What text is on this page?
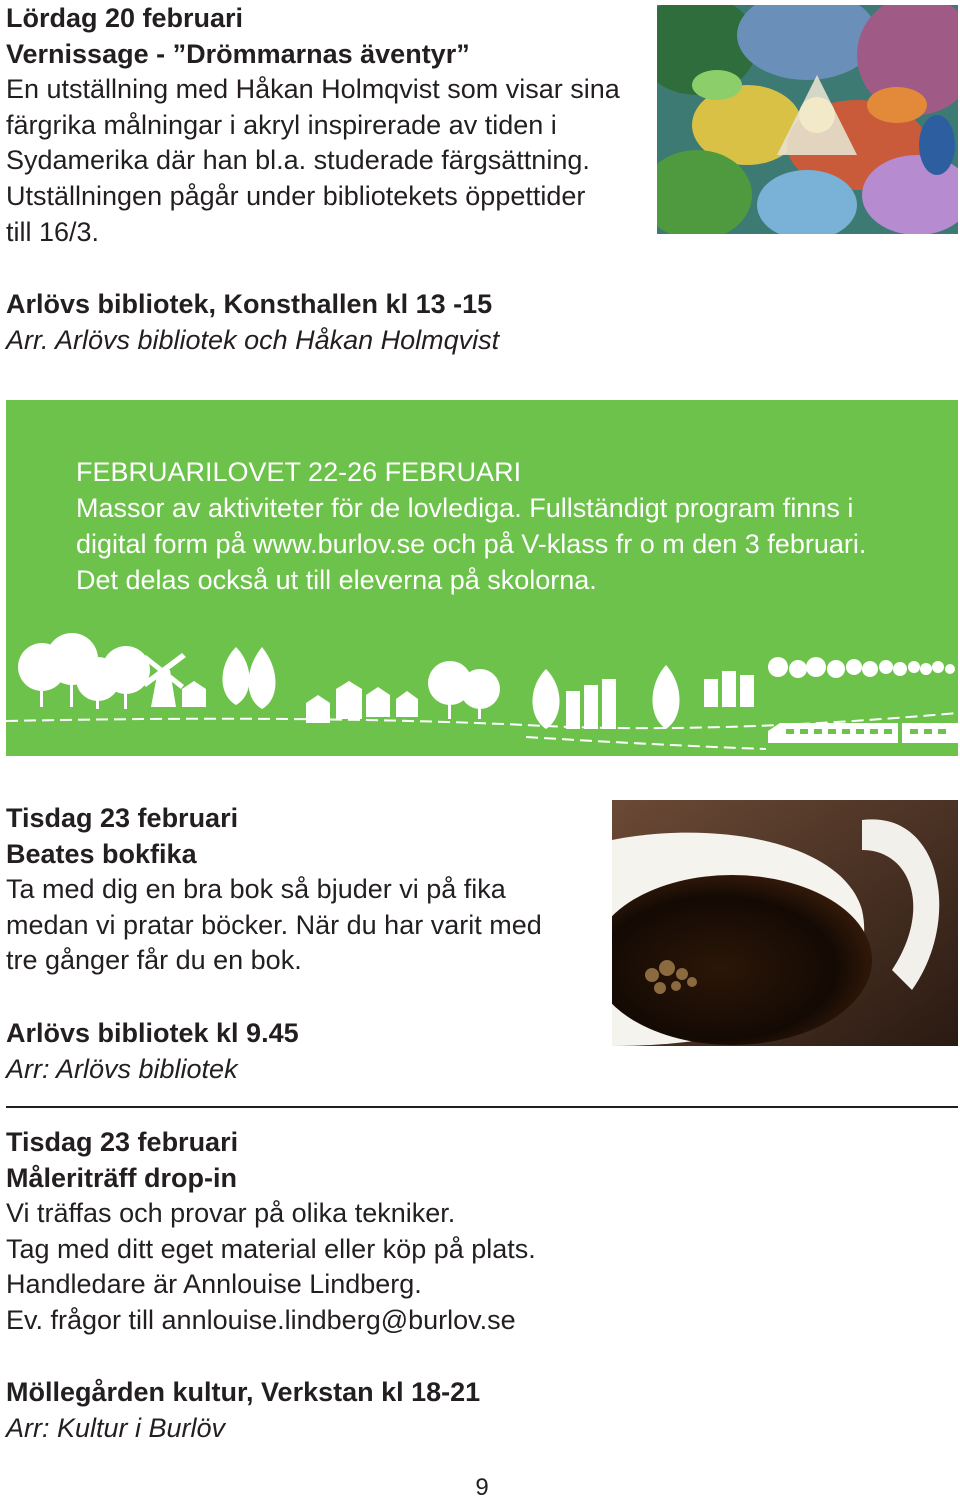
Lördag 20 februari

Vernissage - ”Drömmarnas äventyr”

En utställning med Håkan Holmqvist som visar sina
färgrika målningar i akryl inspirerade av tiden i
Sydamerika där han bl.a. studerade färgsättning.
Utställningen pågår under bibliotekets öppettider
till 16/3.

Arlövs bibliotek, Konsthallen kl 13 -15

Arr. Arlövs bibliotek och Håkan Holmqvist

FEBRUARILOVET 22-26 FEBRUARI

Massor av aktiviteter för de lovlediga. Fullständigt program finns i
digital form på www.burlov.se och på V-klass fr o m den 3 februari.
Det delas också ut till eleverna på skolorna.

Tisdag 23 februari

Beates bokfika

Ta med dig en bra bok så bjuder vi på fika
medan vi pratar böcker. När du har varit med
tre gånger får du en bok.

Arlövs bibliotek kl 9.45

Arr: Arlövs bibliotek

Tisdag 23 februari

Måleriträff drop-in

Vi träffas och provar på olika tekniker.
Tag med ditt eget material eller köp på plats.
Handledare är Annlouise Lindberg.
Ev. frågor till annlouise.lindberg@burlov.se

Möllegården kultur, Verkstan kl 18-21

Arr: Kultur i Burlöv

9
